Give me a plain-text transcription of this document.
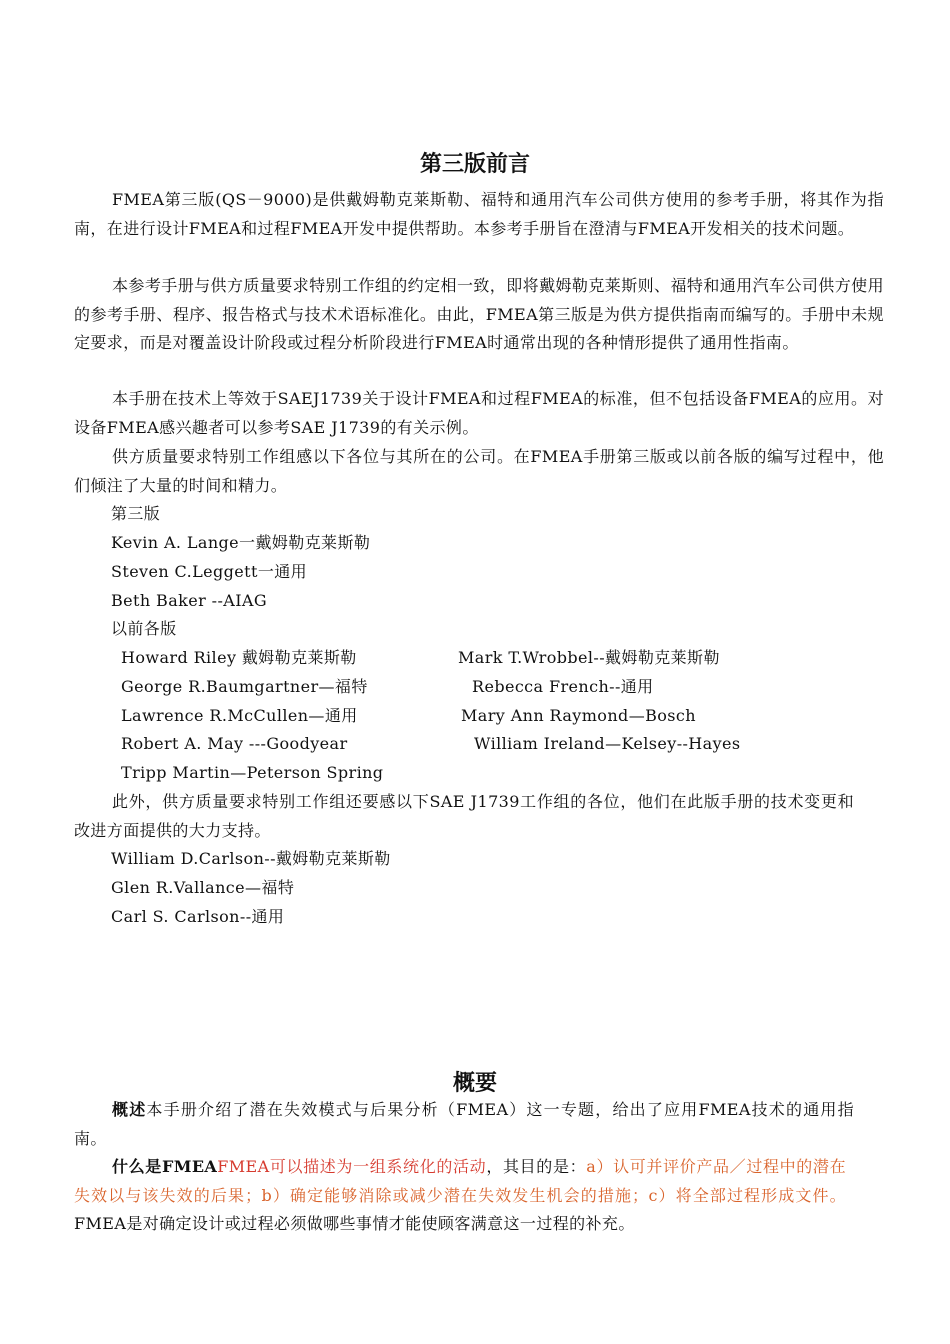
第三版前言

FMEA第三版(QS－9000)是供戴姆勒克莱斯勒、福特和通用汽车公司供方使用的参考手册，将其作为指南，在进行设计FMEA和过程FMEA开发中提供帮助。本参考手册旨在澄清与FMEA开发相关的技术问题。

本参考手册与供方质量要求特别工作组的约定相一致，即将戴姆勒克莱斯则、福特和通用汽车公司供方使用的参考手册、程序、报告格式与技术术语标准化。由此，FMEA第三版是为供方提供指南而编写的。手册中未规定要求，而是对覆盖设计阶段或过程分析阶段进行FMEA时通常出现的各种情形提供了通用性指南。

本手册在技术上等效于SAEJ1739关于设计FMEA和过程FMEA的标准，但不包括设备FMEA的应用。对设备FMEA感兴趣者可以参考SAE J1739的有关示例。

供方质量要求特别工作组感以下各位与其所在的公司。在FMEA手册第三版或以前各版的编写过程中，他们倾注了大量的时间和精力。

第三版
Kevin A. Lange一戴姆勒克莱斯勒
Steven C.Leggett一通用
Beth Baker --AIAG
以前各版
Howard Riley 戴姆勒克莱斯勒
George R.Baumgartner—福特
Lawrence R.McCullen—通用
Robert A. May ---Goodyear
Tripp Martin—Peterson Spring
Mark T.Wrobbel--戴姆勒克莱斯勒
Rebecca French--通用
Mary Ann Raymond—Bosch
William Ireland—Kelsey--Hayes

此外，供方质量要求特别工作组还要感以下SAE J1739工作组的各位，他们在此版手册的技术变更和改进方面提供的大力支持。

William D.Carlson--戴姆勒克莱斯勒
Glen R.Vallance—福特
Carl S. Carlson--通用
概要

概述本手册介绍了潜在失效模式与后果分析（FMEA）这一专题，给出了应用FMEA技术的通用指南。

什么是FMEAFMEA可以描述为一组系统化的活动，其目的是：a）认可并评价产品／过程中的潜在失效以与该失效的后果；b）确定能够消除或减少潜在失效发生机会的措施；c）将全部过程形成文件。FMEA是对确定设计或过程必须做哪些事情才能使顾客满意这一过程的补充。
